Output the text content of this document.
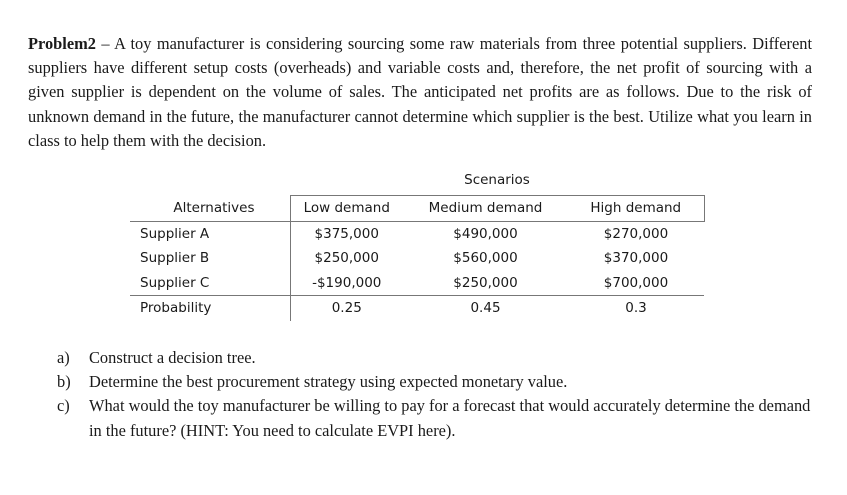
Problem2 – A toy manufacturer is considering sourcing some raw materials from three potential suppliers. Different suppliers have different setup costs (overheads) and variable costs and, therefore, the net profit of sourcing with a given supplier is dependent on the volume of sales. The anticipated net profits are as follows. Due to the risk of unknown demand in the future, the manufacturer cannot determine which supplier is the best. Utilize what you learn in class to help them with the decision.

Scenarios
Alternatives	Low demand	Medium demand	High demand
Supplier A	$375,000	$490,000	$270,000
Supplier B	$250,000	$560,000	$370,000
Supplier C	-$190,000	$250,000	$700,000
Probability	0.25	0.45	0.3
a) Construct a decision tree.
b) Determine the best procurement strategy using expected monetary value.
c) What would the toy manufacturer be willing to pay for a forecast that would accurately determine the demand in the future? (HINT: You need to calculate EVPI here).
